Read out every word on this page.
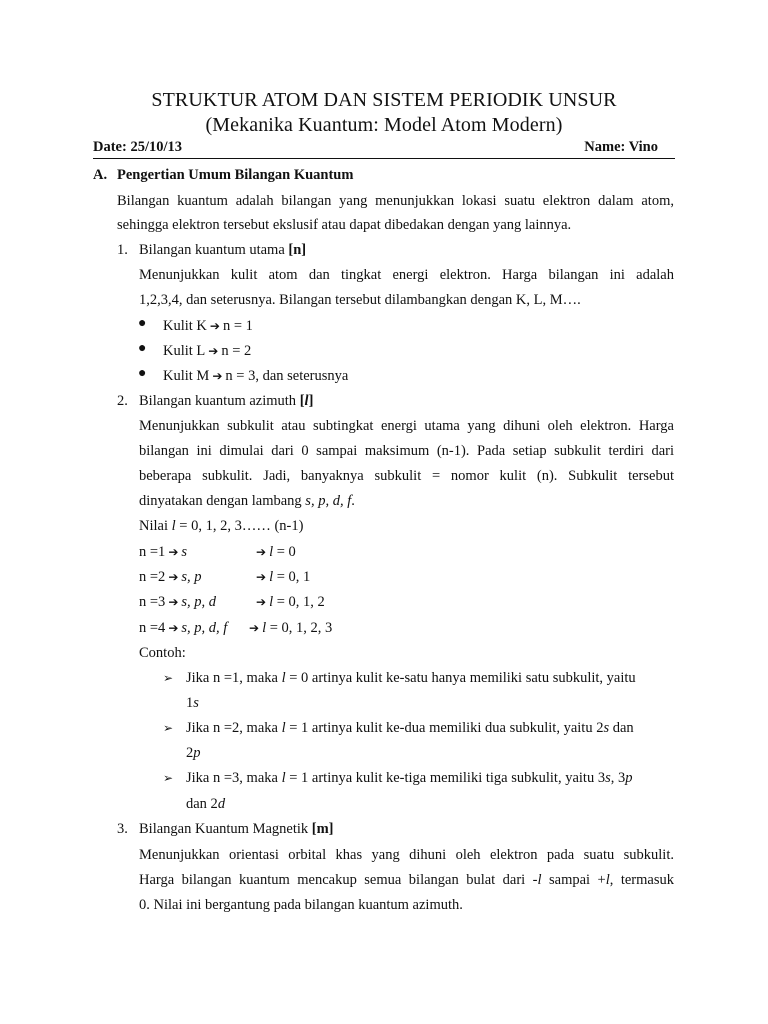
STRUKTUR ATOM DAN SISTEM PERIODIK UNSUR
(Mekanika Kuantum: Model Atom Modern)
Date: 25/10/13	Name: Vino
A. Pengertian Umum Bilangan Kuantum
Bilangan kuantum adalah bilangan yang menunjukkan lokasi suatu elektron dalam atom,
sehingga elektron tersebut ekslusif atau dapat dibedakan dengan yang lainnya.
1. Bilangan kuantum utama [n]
Menunjukkan kulit atom dan tingkat energi elektron. Harga bilangan ini adalah
1,2,3,4, dan seterusnya. Bilangan tersebut dilambangkan dengan K, L, M….
● Kulit K ➔ n = 1
● Kulit L ➔ n = 2
● Kulit M ➔ n = 3, dan seterusnya
2. Bilangan kuantum azimuth [l]
Menunjukkan subkulit atau subtingkat energi utama yang dihuni oleh elektron. Harga
bilangan ini dimulai dari 0 sampai maksimum (n-1). Pada setiap subkulit terdiri dari
beberapa subkulit. Jadi, banyaknya subkulit = nomor kulit (n). Subkulit tersebut
dinyatakan dengan lambang s, p, d, f.
Nilai l = 0, 1, 2, 3…… (n-1)
n =1 ➔ s	➔ l = 0
n =2 ➔ s, p	➔ l = 0, 1
n =3 ➔ s, p, d	➔ l = 0, 1, 2
n =4 ➔ s, p, d, f ➔ l = 0, 1, 2, 3
Contoh:
➢ Jika n =1, maka l = 0 artinya kulit ke-satu hanya memiliki satu subkulit, yaitu
1s
➢ Jika n =2, maka l = 1 artinya kulit ke-dua memiliki dua subkulit, yaitu 2s dan
2p
➢ Jika n =3, maka l = 1 artinya kulit ke-tiga memiliki tiga subkulit, yaitu 3s, 3p
dan 2d
3. Bilangan Kuantum Magnetik [m]
Menunjukkan orientasi orbital khas yang dihuni oleh elektron pada suatu subkulit.
Harga bilangan kuantum mencakup semua bilangan bulat dari -l sampai +l, termasuk
0. Nilai ini bergantung pada bilangan kuantum azimuth.
